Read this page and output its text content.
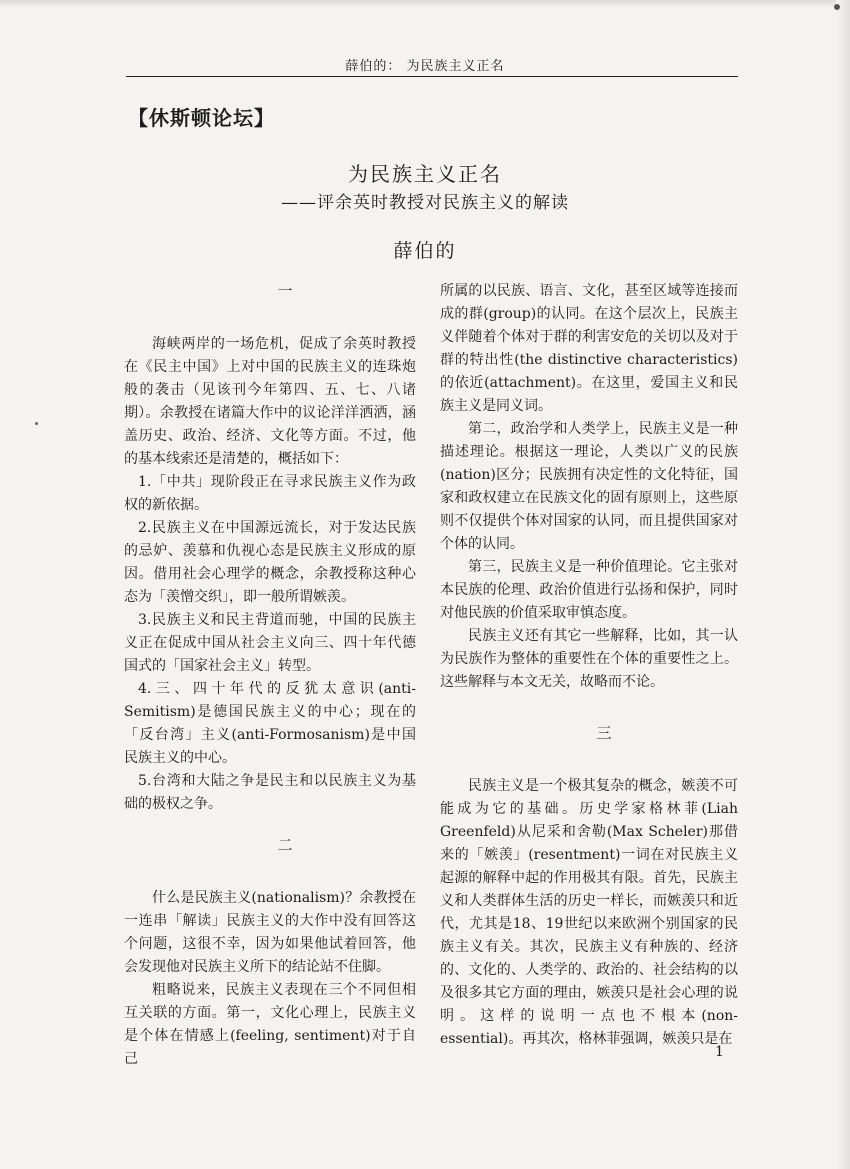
薛伯的： 为民族主义正名
【休斯顿论坛】
为民族主义正名
——评余英时教授对民族主义的解读
薛伯的

一

海峡两岸的一场危机，促成了余英时教授在《民主中国》上对中国的民族主义的连珠炮般的袭击（见该刊今年第四、五、七、八诸期）。余教授在诸篇大作中的议论洋洋洒洒，涵盖历史、政治、经济、文化等方面。不过，他的基本线索还是清楚的，概括如下：

1.「中共」现阶段正在寻求民族主义作为政权的新依据。

2.民族主义在中国源远流长，对于发达民族的忌妒、羡慕和仇视心态是民族主义形成的原因。借用社会心理学的概念，余教授称这种心态为「羡憎交织」，即一般所谓嫉羡。

3.民族主义和民主背道而驰，中国的民族主义正在促成中国从社会主义向三、四十年代德国式的「国家社会主义」转型。

4.三、四十年代的反犹太意识(anti-Semitism)是德国民族主义的中心；现在的「反台湾」主义(anti-Formosanism)是中国民族主义的中心。

5.台湾和大陆之争是民主和以民族主义为基础的极权之争。

二

什么是民族主义(nationalism)？余教授在一连串「解读」民族主义的大作中没有回答这个问题，这很不幸，因为如果他试着回答，他会发现他对民族主义所下的结论站不住脚。

粗略说来，民族主义表现在三个不同但相互关联的方面。第一，文化心理上，民族主义是个体在情感上(feeling, sentiment)对于自己

所属的以民族、语言、文化，甚至区域等连接而成的群(group)的认同。在这个层次上，民族主义伴随着个体对于群的利害安危的关切以及对于群的特出性(the distinctive characteristics)的依近(attachment)。在这里，爱国主义和民族主义是同义词。

第二，政治学和人类学上，民族主义是一种描述理论。根据这一理论，人类以广义的民族(nation)区分；民族拥有决定性的文化特征，国家和政权建立在民族文化的固有原则上，这些原则不仅提供个体对国家的认同，而且提供国家对个体的认同。

第三，民族主义是一种价值理论。它主张对本民族的伦理、政治价值进行弘扬和保护，同时对他民族的价值采取审慎态度。

民族主义还有其它一些解释，比如，其一认为民族作为整体的重要性在个体的重要性之上。这些解释与本文无关，故略而不论。

三

民族主义是一个极其复杂的概念，嫉羡不可能成为它的基础。历史学家格林菲(Liah Greenfeld)从尼采和舍勒(Max Scheler)那借来的「嫉羡」(resentment)一词在对民族主义起源的解释中起的作用极其有限。首先，民族主义和人类群体生活的历史一样长，而嫉羡只和近代，尤其是18、19世纪以来欧洲个别国家的民族主义有关。其次，民族主义有种族的、经济的、文化的、人类学的、政治的、社会结构的以及很多其它方面的理由，嫉羡只是社会心理的说明。这样的说明一点也不根本(non-essential)。再其次，格林菲强调，嫉羡只是在

1
